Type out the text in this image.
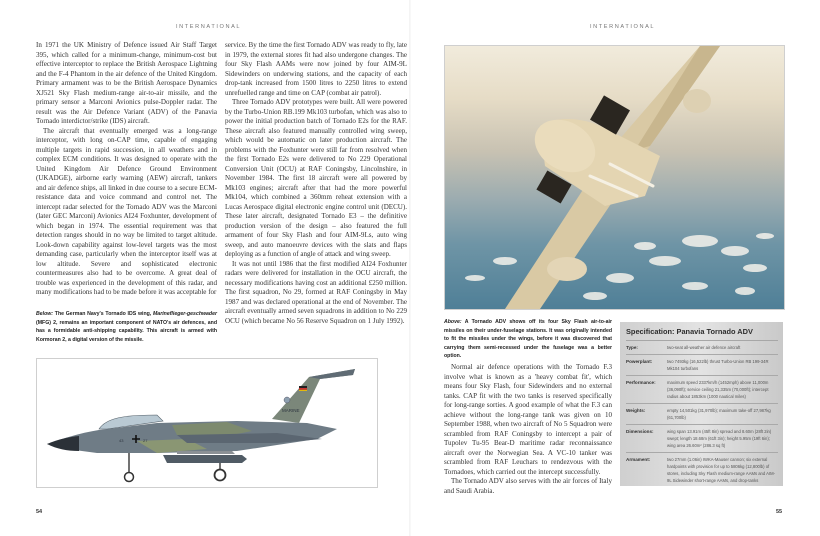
INTERNATIONAL

In 1971 the UK Ministry of Defence issued Air Staff Target 395, which called for a minimum-change, minimum-cost but effective interceptor to replace the British Aerospace Lightning and the F-4 Phantom in the air defence of the United Kingdom. Primary armament was to be the British Aerospace Dynamics XJ521 Sky Flash medium-range air-to-air missile, and the primary sensor a Marconi Avionics pulse-Doppler radar. The result was the Air Defence Variant (ADV) of the Panavia Tornado interdictor/strike (IDS) aircraft.

The aircraft that eventually emerged was a long-range interceptor, with long on-CAP time, capable of engaging multiple targets in rapid succession, in all weathers and in complex ECM conditions. It was designed to operate with the United Kingdom Air Defence Ground Environment (UKADGE), airborne early warning (AEW) aircraft, tankers and air defence ships, all linked in due course to a secure ECM-resistance data and voice command and control net. The intercept radar selected for the Tornado ADV was the Marconi (later GEC Marconi) Avionics AI24 Foxhunter, development of which began in 1974. The essential requirement was that detection ranges should in no way be limited to target altitude. Look-down capability against low-level targets was the most demanding case, particularly when the interceptor itself was at low altitude. Severe and sophisticated electronic countermeasures also had to be overcome. A great deal of trouble was experienced in the development of this radar, and many modifications had to be made before it was acceptable for

Below: The German Navy's Tornado IDS wing, Marineflieger-geschwader (MFG) 2, remains an important component of NATO's air defences, and has a formidable anti-shipping capability. This aircraft is armed with Kormoran 2, a digital version of the missile.

service. By the time the first Tornado ADV was ready to fly, late in 1979, the external stores fit had also undergone changes. The four Sky Flash AAMs were now joined by four AIM-9L Sidewinders on underwing stations, and the capacity of each drop-tank increased from 1500 litres to 2250 litres to extend unrefuelled range and time on CAP (combat air patrol).

Three Tornado ADV prototypes were built. All were powered by the Turbo-Union RB.199 Mk103 turbofan, which was also to power the initial production batch of Tornado E2s for the RAF. These aircraft also featured manually controlled wing sweep, which would be automatic on later production aircraft. The problems with the Foxhunter were still far from resolved when the first Tornado E2s were delivered to No 229 Operational Conversion Unit (OCU) at RAF Coningsby, Lincolnshire, in November 1984. The first 18 aircraft were all powered by Mk103 engines; aircraft after that had the more powerful Mk104, which combined a 360mm reheat extension with a Lucas Aerospace digital electronic engine control unit (DECU). These later aircraft, designated Tornado E3 – the definitive production version of the design – also featured the full armament of four Sky Flash and four AIM-9Ls, auto wing sweep, and auto manoeuvre devices with the slats and flaps deploying as a function of angle of attack and wing sweep.

It was not until 1986 that the first modified AI24 Foxhunter radars were delivered for installation in the OCU aircraft, the necessary modifications having cost an additional £250 million. The first squadron, No 29, formed at RAF Coningsby in May 1987 and was declared operational at the end of November. The aircraft eventually armed seven squadrons in addition to No 229 OCU (which became No 56 Reserve Squadron on 1 July 1992).

MARINE
43	27
54
INTERNATIONAL
Above: A Tornado ADV shows off its four Sky Flash air-to-air missiles on their under-fuselage stations. It was originally intended to fit the missiles under the wings, before it was discovered that carrying them semi-recessed under the fuselage was a better option.

Normal air defence operations with the Tornado F.3 involve what is known as a 'heavy combat fit', which means four Sky Flash, four Sidewinders and no external tanks. CAP fit with the two tanks is reserved specifically for long-range sorties. A good example of what the F.3 can achieve without the long-range tank was given on 10 September 1988, when two aircraft of No 5 Squadron were scrambled from RAF Coningsby to intercept a pair of Tupolev Tu-95 Bear-D maritime radar reconnaissance aircraft over the Norwegian Sea. A VC-10 tanker was scrambled from RAF Leuchars to rendezvous with the Tornadoes, which carried out the intercept successfully.

The Tornado ADV also serves with the air forces of Italy and Saudi Arabia.

Specification: Panavia Tornado ADV
Type:	two-seat all-weather air defence aircraft
Powerplant:	two 7493kg (16,522lb) thrust Turbo-Union RB 199-34R Mk104 turbofans
Performance:	maximum speed 2337km/h (1452mph) above 11,000m (36,090ft); service ceiling 21,335m (70,000ft); intercept radius about 1853km (1000 nautical miles)
Weights:	empty 14,501kg (31,970lb); maximum take-off 27,987kg (61,700lb)
Dimensions:	wing span 13.91m (45ft 8in) spread and 8.60m (28ft 2in) swept; length 18.68m (61ft 3in); height 5.95m (19ft 6in); wing area 26.60m² (286.3 sq ft)
Armament:	two 27mm (1.06in) IWKA-Mauser cannon; six external hardpoints with provision for up to 5806kg (12,800lb) of stores, including Sky Flash medium-range AAMs and AIM-9L Sidewinder short-range AAMs, and drop-tanks
55
